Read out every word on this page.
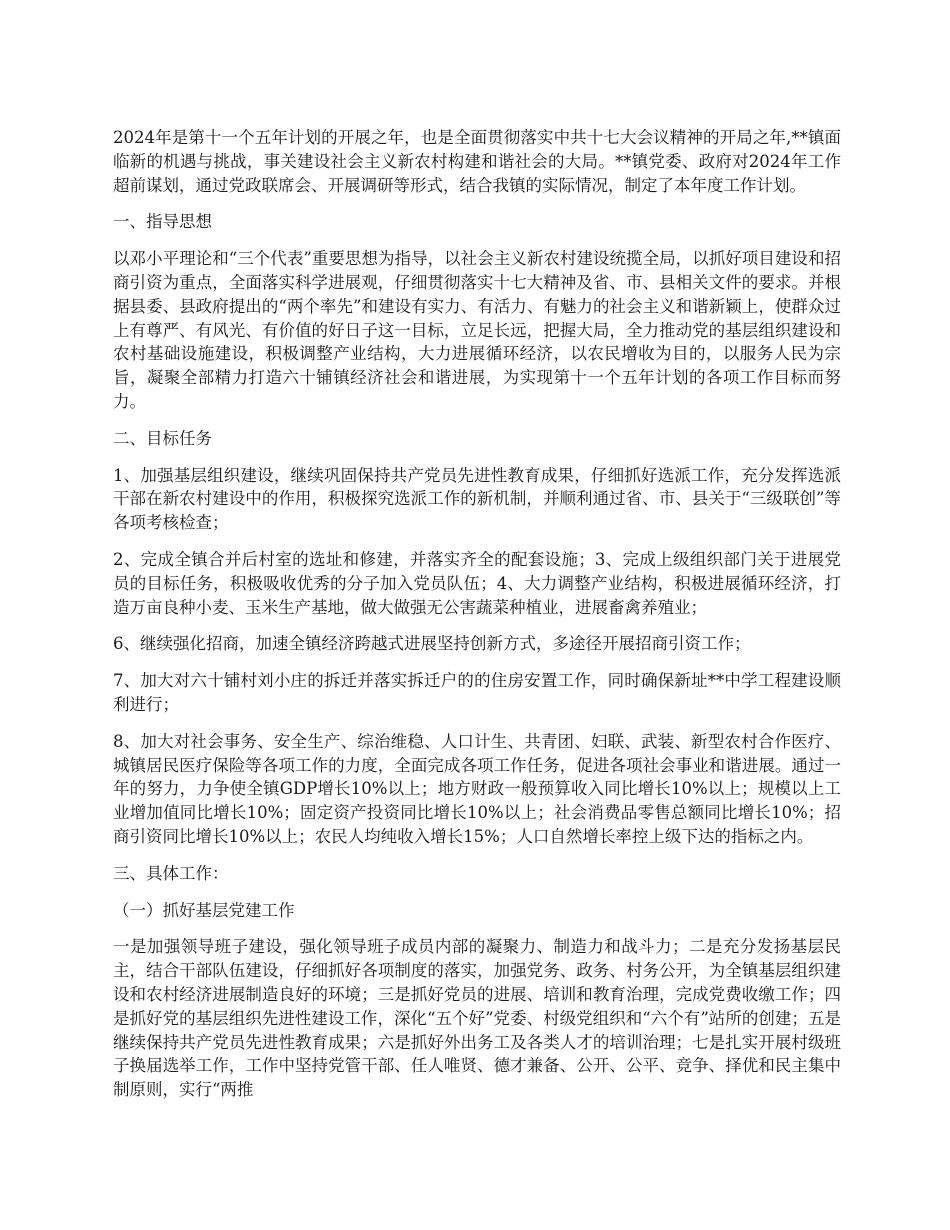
2024年是第十一个五年计划的开展之年，也是全面贯彻落实中共十七大会议精神的开局之年,**镇面临新的机遇与挑战，事关建设社会主义新农村构建和谐社会的大局。**镇党委、政府对2024年工作超前谋划，通过党政联席会、开展调研等形式，结合我镇的实际情况，制定了本年度工作计划。

一、指导思想

以邓小平理论和“三个代表”重要思想为指导，以社会主义新农村建设统揽全局，以抓好项目建设和招商引资为重点，全面落实科学进展观，仔细贯彻落实十七大精神及省、市、县相关文件的要求。并根据县委、县政府提出的“两个率先”和建设有实力、有活力、有魅力的社会主义和谐新颖上，使群众过上有尊严、有风光、有价值的好日子这一目标，立足长远，把握大局，全力推动党的基层组织建设和农村基础设施建设，积极调整产业结构，大力进展循环经济，以农民增收为目的，以服务人民为宗旨，凝聚全部精力打造六十铺镇经济社会和谐进展，为实现第十一个五年计划的各项工作目标而努力。

二、目标任务

1、加强基层组织建设，继续巩固保持共产党员先进性教育成果，仔细抓好选派工作，充分发挥选派干部在新农村建设中的作用，积极探究选派工作的新机制，并顺利通过省、市、县关于“三级联创”等各项考核检查；

2、完成全镇合并后村室的选址和修建，并落实齐全的配套设施；3、完成上级组织部门关于进展党员的目标任务，积极吸收优秀的分子加入党员队伍；4、大力调整产业结构，积极进展循环经济，打造万亩良种小麦、玉米生产基地，做大做强无公害蔬菜种植业，进展畜禽养殖业；

6、继续强化招商，加速全镇经济跨越式进展坚持创新方式，多途径开展招商引资工作；

7、加大对六十铺村刘小庄的拆迁并落实拆迁户的的住房安置工作，同时确保新址**中学工程建设顺利进行；

8、加大对社会事务、安全生产、综治维稳、人口计生、共青团、妇联、武装、新型农村合作医疗、城镇居民医疗保险等各项工作的力度，全面完成各项工作任务，促进各项社会事业和谐进展。通过一年的努力，力争使全镇GDP增长10%以上；地方财政一般预算收入同比增长10%以上；规模以上工业增加值同比增长10%；固定资产投资同比增长10%以上；社会消费品零售总额同比增长10%；招商引资同比增长10%以上；农民人均纯收入增长15%；人口自然增长率控上级下达的指标之内。

三、具体工作：

（一）抓好基层党建工作

一是加强领导班子建设，强化领导班子成员内部的凝聚力、制造力和战斗力；二是充分发扬基层民主，结合干部队伍建设，仔细抓好各项制度的落实，加强党务、政务、村务公开，为全镇基层组织建设和农村经济进展制造良好的环境；三是抓好党员的进展、培训和教育治理，完成党费收缴工作；四是抓好党的基层组织先进性建设工作，深化“五个好”党委、村级党组织和“六个有”站所的创建；五是继续保持共产党员先进性教育成果；六是抓好外出务工及各类人才的培训治理；七是扎实开展村级班子换届选举工作，工作中坚持党管干部、任人唯贤、德才兼备、公开、公平、竞争、择优和民主集中制原则，实行“两推
